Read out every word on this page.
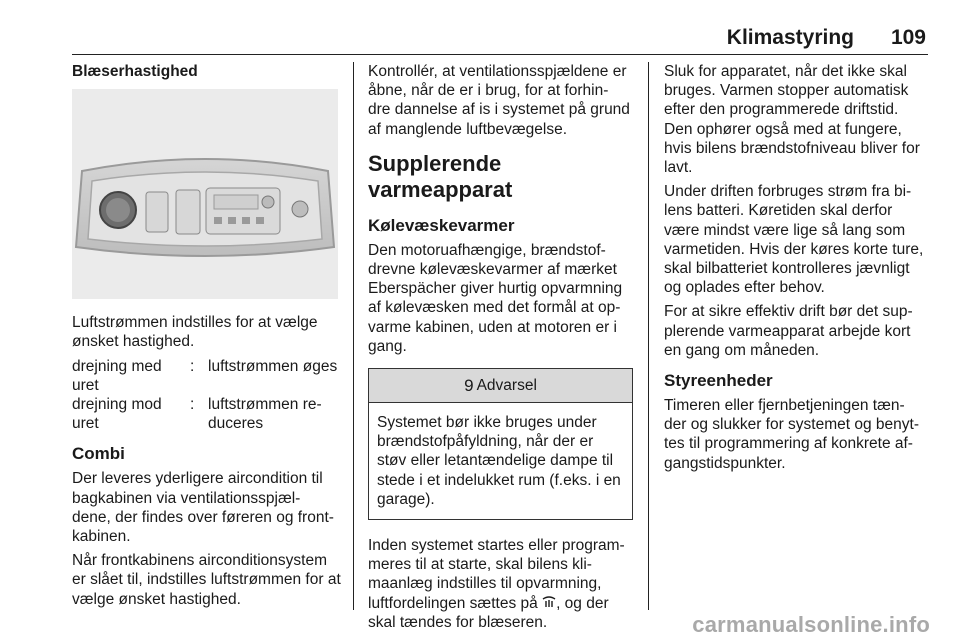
Klimastyring 109
Blæserhastighed

Luftstrømmen indstilles for at vælge ønsket hastighed.

drejning med uret
: luftstrømmen øges
drejning mod uret
: luftstrømmen re- duceres
Combi

Der leveres yderligere aircondition til bagkabinen via ventilationsspjæl- dene, der findes over føreren og front- kabinen.

Når frontkabinens airconditionsystem er slået til, indstilles luftstrømmen for at vælge ønsket hastighed.

Kontrollér, at ventilationsspjældene er åbne, når de er i brug, for at forhin- dre dannelse af is i systemet på grund af manglende luftbevægelse.

Supplerende varmeapparat
Kølevæskevarmer

Den motoruafhængige, brændstof- drevne kølevæskevarmer af mærket Eberspächer giver hurtig opvarmning af kølevæsken med det formål at op- varme kabinen, uden at motoren er i gang.

9 Advarsel
Systemet bør ikke bruges under brændstofpåfyldning, når der er støv eller letantændelige dampe til stede i et indelukket rum (f.eks. i en garage).

Inden systemet startes eller program- meres til at starte, skal bilens kli- maanlæg indstilles til opvarmning, luftfordelingen sættes på , og der skal tændes for blæseren.

Sluk for apparatet, når det ikke skal bruges. Varmen stopper automatisk efter den programmerede driftstid. Den ophører også med at fungere, hvis bilens brændstofniveau bliver for lavt.

Under driften forbruges strøm fra bi- lens batteri. Køretiden skal derfor være mindst være lige så lang som varmetiden. Hvis der køres korte ture, skal bilbatteriet kontrolleres jævnligt og oplades efter behov.

For at sikre effektiv drift bør det sup- plerende varmeapparat arbejde kort en gang om måneden.

Styreenheder

Timeren eller fjernbetjeningen tæn- der og slukker for systemet og benyt- tes til programmering af konkrete af- gangstidspunkter.

carmanualsonline.info
